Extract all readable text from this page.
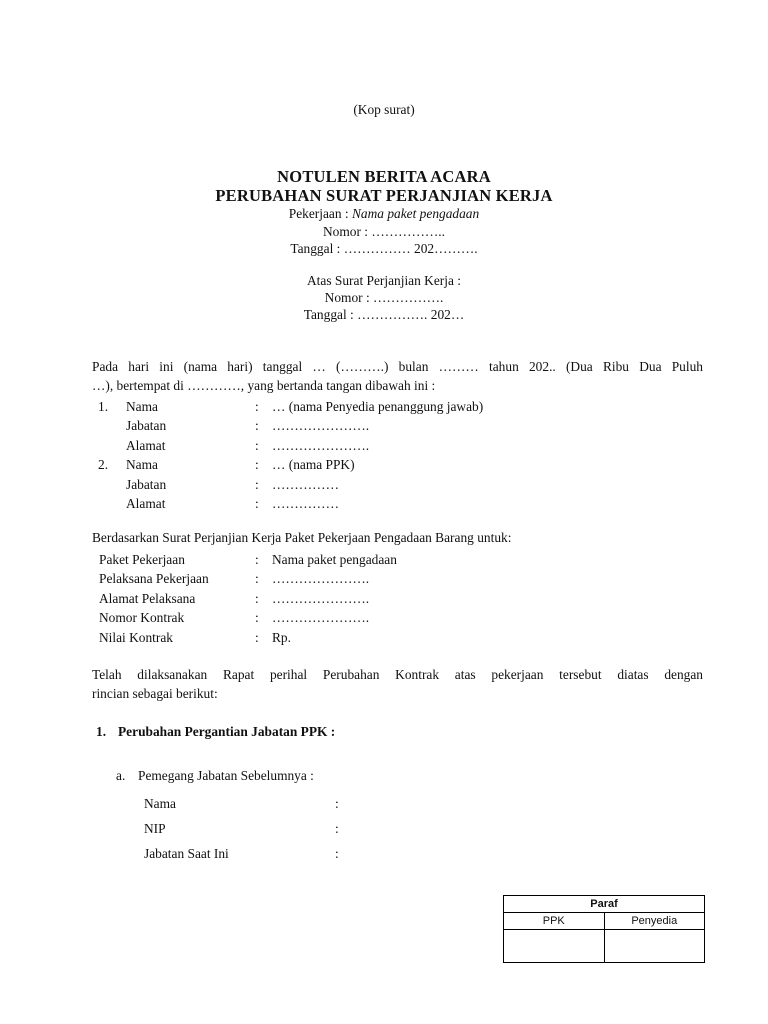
(Kop surat)
NOTULEN BERITA ACARA
PERUBAHAN SURAT PERJANJIAN KERJA
Pekerjaan : Nama paket pengadaan
Nomor : ……………..
Tanggal : …………… 202……….
Atas Surat Perjanjian Kerja :
Nomor : …………….
Tanggal : ……………. 202…
Pada hari ini (nama hari) tanggal … (……….) bulan ……… tahun 202.. (Dua Ribu Dua Puluh
…), bertempat di …………, yang bertanda tangan dibawah ini :
1. Nama	: … (nama Penyedia penanggung jawab)
Jabatan	: ………………….
Alamat	: ………………….
2. Nama	: … (nama PPK)
Jabatan	: ……………
Alamat	: ……………
Berdasarkan Surat Perjanjian Kerja Paket Pekerjaan Pengadaan Barang untuk:
Paket Pekerjaan	: Nama paket pengadaan
Pelaksana Pekerjaan	: ………………….
Alamat Pelaksana	: ………………….
Nomor Kontrak	: ………………….
Nilai Kontrak	: Rp.
Telah dilaksanakan Rapat perihal Perubahan Kontrak atas pekerjaan tersebut diatas dengan
rincian sebagai berikut:
1. Perubahan Pergantian Jabatan PPK :
a. Pemegang Jabatan Sebelumnya :
Nama	:
NIP	:
Jabatan Saat Ini	:
Paraf	
PPK	Penyedia
